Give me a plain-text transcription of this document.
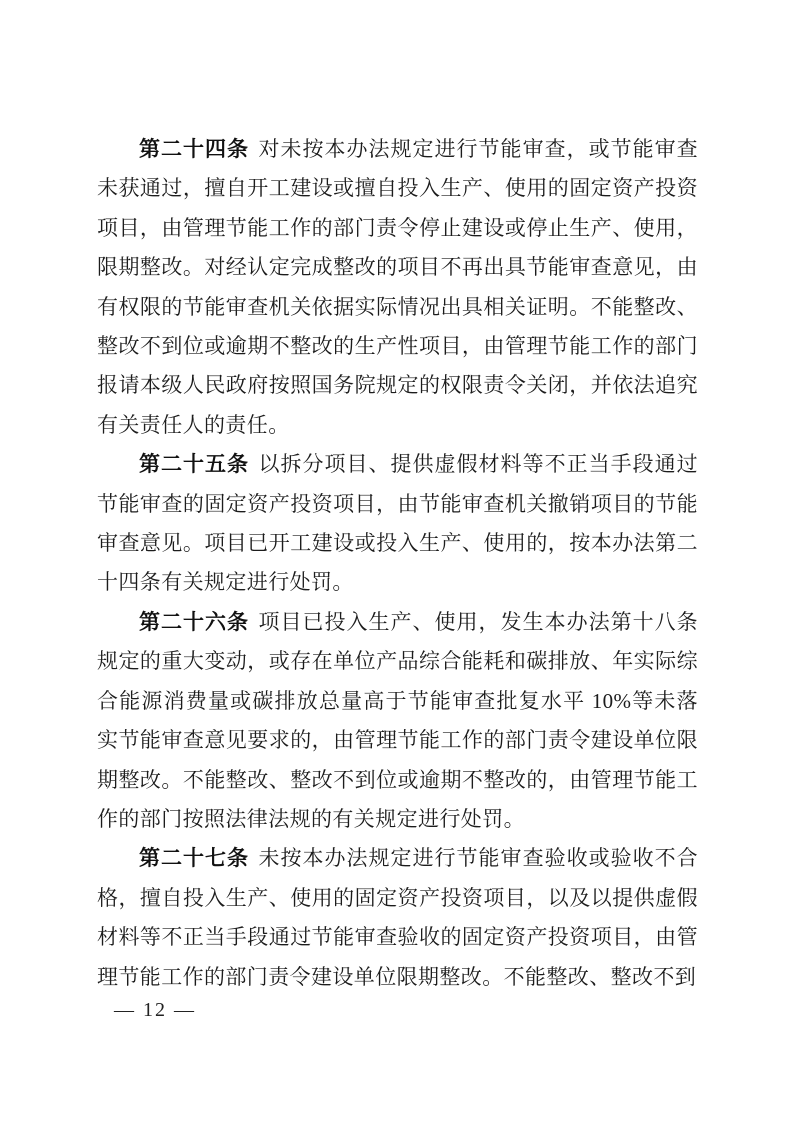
第二十四条 对未按本办法规定进行节能审查，或节能审查未获通过，擅自开工建设或擅自投入生产、使用的固定资产投资项目，由管理节能工作的部门责令停止建设或停止生产、使用，限期整改。对经认定完成整改的项目不再出具节能审查意见，由有权限的节能审查机关依据实际情况出具相关证明。不能整改、整改不到位或逾期不整改的生产性项目，由管理节能工作的部门报请本级人民政府按照国务院规定的权限责令关闭，并依法追究有关责任人的责任。

第二十五条 以拆分项目、提供虚假材料等不正当手段通过节能审查的固定资产投资项目，由节能审查机关撤销项目的节能审查意见。项目已开工建设或投入生产、使用的，按本办法第二十四条有关规定进行处罚。

第二十六条 项目已投入生产、使用，发生本办法第十八条规定的重大变动，或存在单位产品综合能耗和碳排放、年实际综合能源消费量或碳排放总量高于节能审查批复水平 10%等未落实节能审查意见要求的，由管理节能工作的部门责令建设单位限期整改。不能整改、整改不到位或逾期不整改的，由管理节能工作的部门按照法律法规的有关规定进行处罚。

第二十七条 未按本办法规定进行节能审查验收或验收不合格，擅自投入生产、使用的固定资产投资项目，以及以提供虚假材料等不正当手段通过节能审查验收的固定资产投资项目，由管理节能工作的部门责令建设单位限期整改。不能整改、整改不到

— 12 —
